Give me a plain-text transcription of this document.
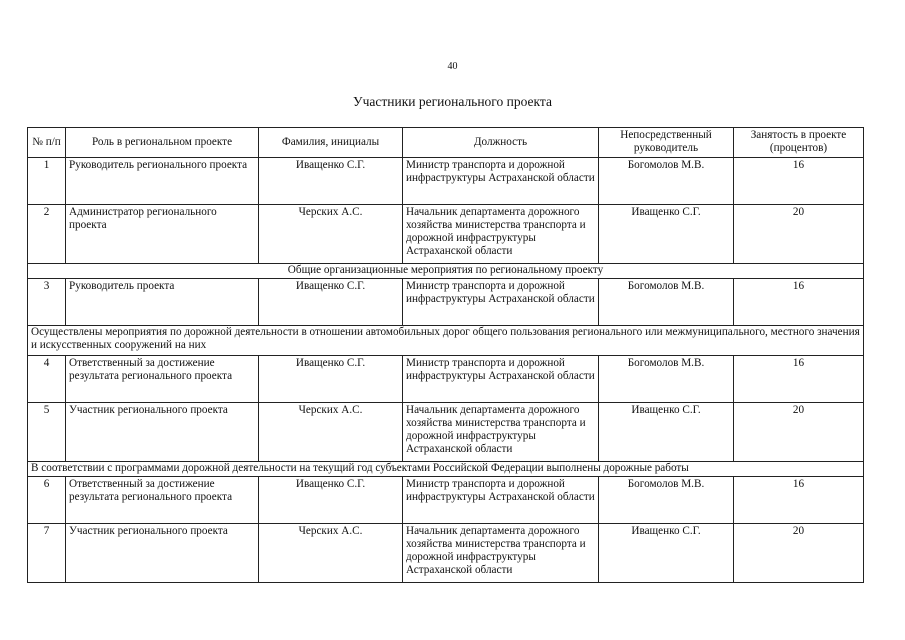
40
Участники регионального проекта
№ п/п	Роль в региональном проекте	Фамилия, инициалы	Должность	Непосредственный руководитель	Занятость в проекте (процентов)
1	Руководитель регионального проекта	Иващенко С.Г.	Министр транспорта и дорожной инфраструктуры Астраханской области	Богомолов М.В.	16
2	Администратор регионального проекта	Черских А.С.	Начальник департамента дорожного хозяйства министерства транспорта и дорожной инфраструктуры Астраханской области	Иващенко С.Г.	20
Общие организационные мероприятия по региональному проекту					
3	Руководитель проекта	Иващенко С.Г.	Министр транспорта и дорожной инфраструктуры Астраханской области	Богомолов М.В.	16
Осуществлены мероприятия по дорожной деятельности в отношении автомобильных дорог общего пользования регионального или межмуниципального, местного значения и искусственных сооружений на них					
4	Ответственный за достижение результата регионального проекта	Иващенко С.Г.	Министр транспорта и дорожной инфраструктуры Астраханской области	Богомолов М.В.	16
5	Участник регионального проекта	Черских А.С.	Начальник департамента дорожного хозяйства министерства транспорта и дорожной инфраструктуры Астраханской области	Иващенко С.Г.	20
В соответствии с программами дорожной деятельности на текущий год субъектами Российской Федерации выполнены дорожные работы					
6	Ответственный за достижение результата регионального проекта	Иващенко С.Г.	Министр транспорта и дорожной инфраструктуры Астраханской области	Богомолов М.В.	16
7	Участник регионального проекта	Черских А.С.	Начальник департамента дорожного хозяйства министерства транспорта и дорожной инфраструктуры Астраханской области	Иващенко С.Г.	20
